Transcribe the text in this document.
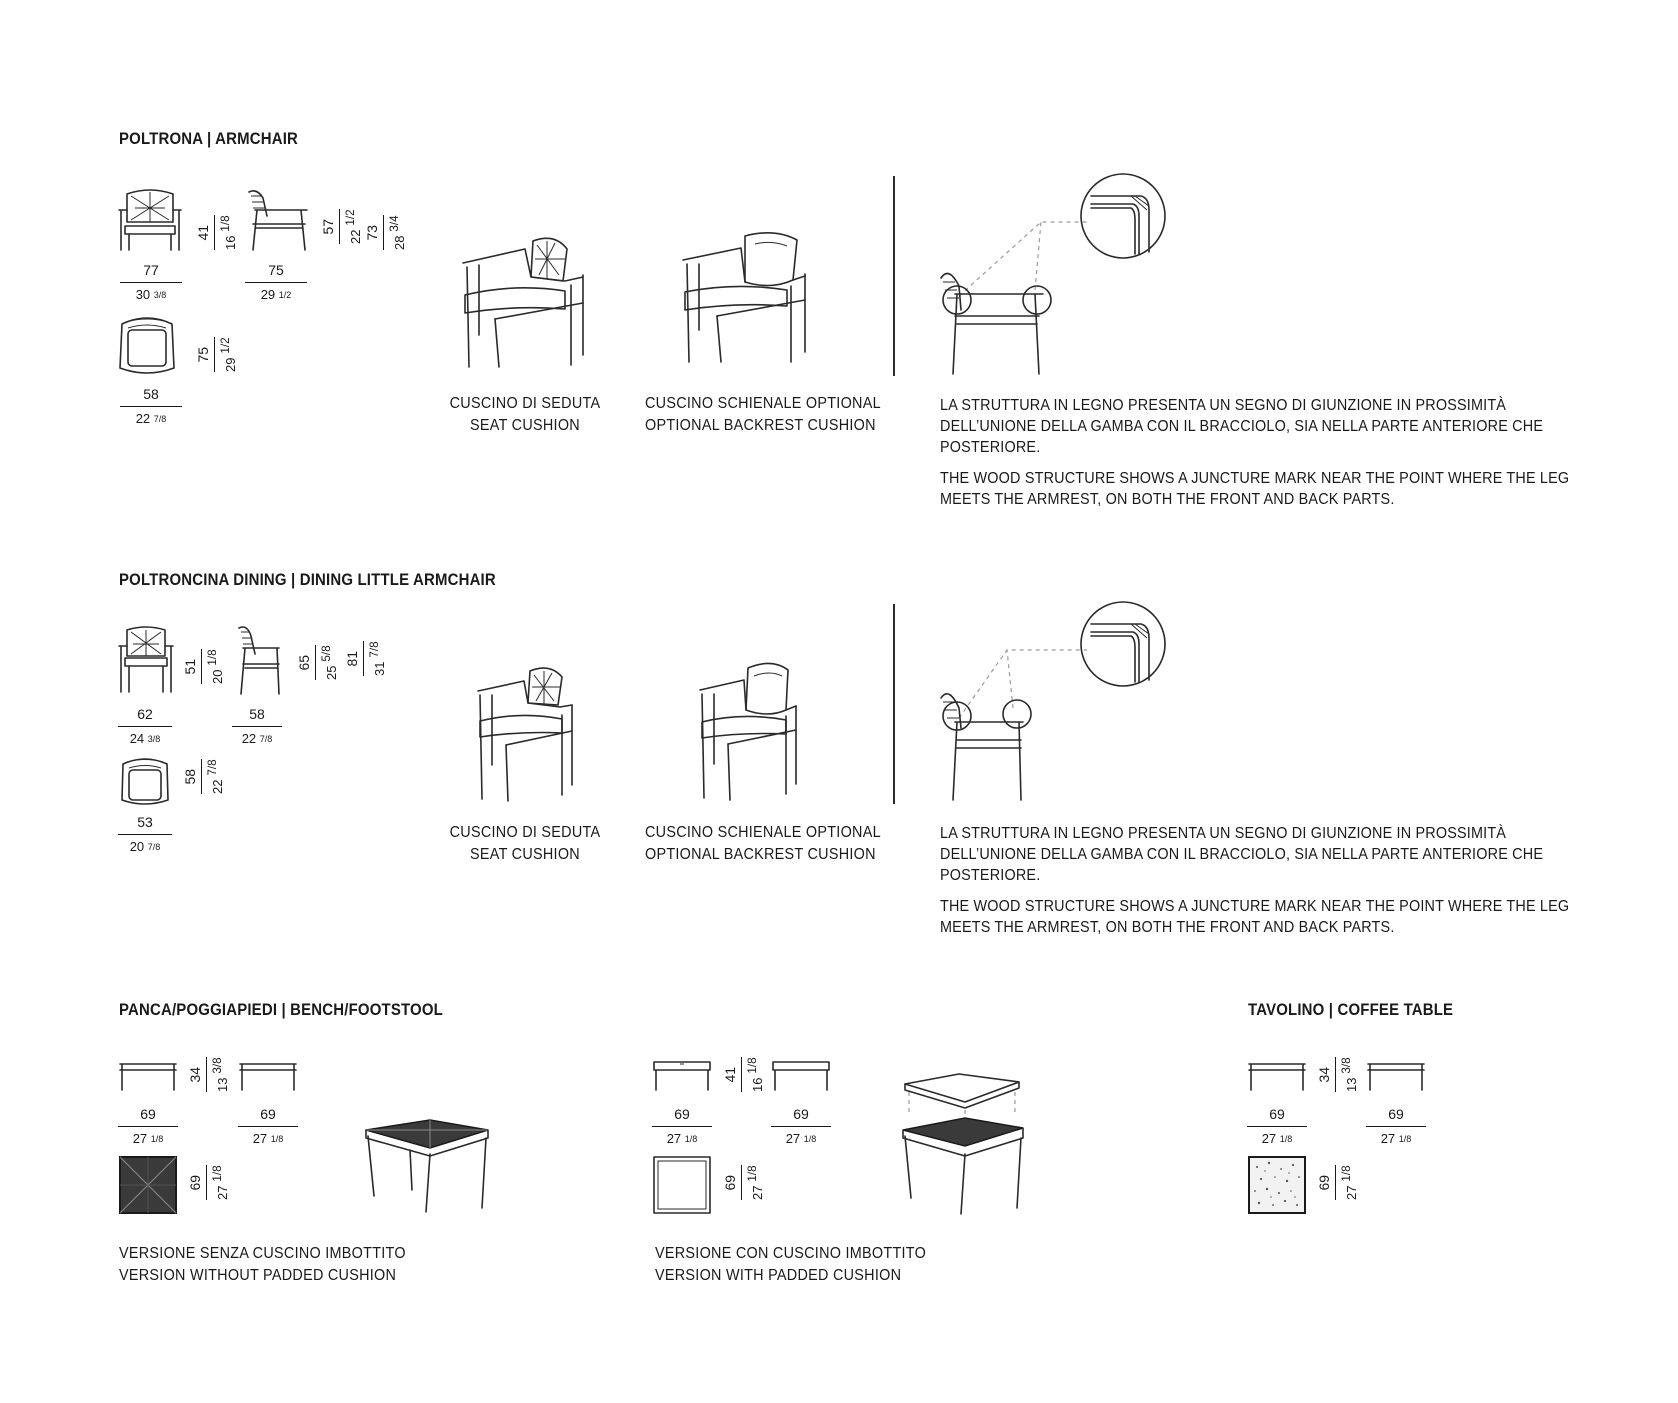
POLTRONA | ARMCHAIR
41
16 $^{1/8}$
77
30 $^{3/8}$
75
29 $^{1/2}$
57
22 $^{1/2}$
73
28 $^{3/4}$
75
29 $^{1/2}$
58
22 $^{7/8}$
CUSCINO DI SEDUTA
SEAT CUSHION
CUSCINO SCHIENALE OPTIONAL
OPTIONAL BACKREST CUSHION

LA STRUTTURA IN LEGNO PRESENTA UN SEGNO DI GIUNZIONE IN PROSSIMITÀ DELL’UNIONE DELLA GAMBA CON IL BRACCIOLO, SIA NELLA PARTE ANTERIORE CHE POSTERIORE.

THE WOOD STRUCTURE SHOWS A JUNCTURE MARK NEAR THE POINT WHERE THE LEG MEETS THE ARMREST, ON BOTH THE FRONT AND BACK PARTS.

POLTRONCINA DINING | DINING LITTLE ARMCHAIR
51
20 $^{1/8}$
62
24 $^{3/8}$
58
22 $^{7/8}$
65
25 $^{5/8}$ 81
31 $^{7/8}$
58
22 $^{7/8}$
53
20 $^{7/8}$
CUSCINO DI SEDUTA
SEAT CUSHION
CUSCINO SCHIENALE OPTIONAL
OPTIONAL BACKREST CUSHION

LA STRUTTURA IN LEGNO PRESENTA UN SEGNO DI GIUNZIONE IN PROSSIMITÀ DELL’UNIONE DELLA GAMBA CON IL BRACCIOLO, SIA NELLA PARTE ANTERIORE CHE POSTERIORE.

THE WOOD STRUCTURE SHOWS A JUNCTURE MARK NEAR THE POINT WHERE THE LEG MEETS THE ARMREST, ON BOTH THE FRONT AND BACK PARTS.

PANCA/POGGIAPIEDI | BENCH/FOOTSTOOL
34
13 $^{3/8}$
69
27 $^{1/8}$
69
27 $^{1/8}$
69
27 $^{1/8}$
VERSIONE SENZA CUSCINO IMBOTTITO
VERSION WITHOUT PADDED CUSHION
41
16 $^{1/8}$
69
27 $^{1/8}$
69
27 $^{1/8}$
69
27 $^{1/8}$
VERSIONE CON CUSCINO IMBOTTITO
VERSION WITH PADDED CUSHION
TAVOLINO | COFFEE TABLE
34
13 $^{3/8}$
69
27 $^{1/8}$
69
27 $^{1/8}$
69
27 $^{1/8}$
